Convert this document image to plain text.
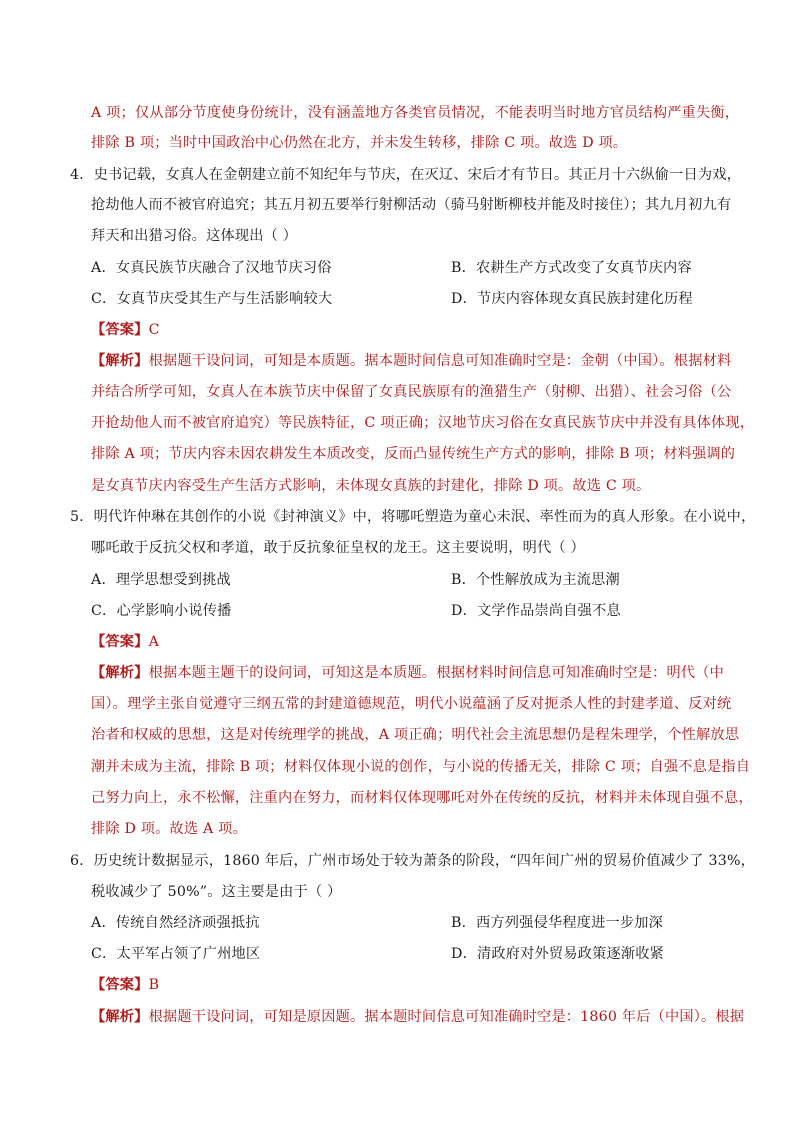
A 项；仅从部分节度使身份统计，没有涵盖地方各类官员情况，不能表明当时地方官员结构严重失衡，
排除 B 项；当时中国政治中心仍然在北方，并未发生转移，排除 C 项。故选 D 项。
4．史书记载，女真人在金朝建立前不知纪年与节庆，在灭辽、宋后才有节日。其正月十六纵偷一日为戏，
抢劫他人而不被官府追究；其五月初五要举行射柳活动（骑马射断柳枝并能及时接住）；其九月初九有
拜天和出猎习俗。这体现出（ ）
A．女真民族节庆融合了汉地节庆习俗	B．农耕生产方式改变了女真节庆内容
C．女真节庆受其生产与生活影响较大	D．节庆内容体现女真民族封建化历程
【答案】C
【解析】根据题干设问词，可知是本质题。据本题时间信息可知准确时空是：金朝（中国）。根据材料
并结合所学可知，女真人在本族节庆中保留了女真民族原有的渔猎生产（射柳、出猎）、社会习俗（公
开抢劫他人而不被官府追究）等民族特征，C 项正确；汉地节庆习俗在女真民族节庆中并没有具体体现，
排除 A 项；节庆内容未因农耕发生本质改变，反而凸显传统生产方式的影响，排除 B 项；材料强调的
是女真节庆内容受生产生活方式影响，未体现女真族的封建化，排除 D 项。故选 C 项。
5．明代许仲琳在其创作的小说《封神演义》中，将哪吒塑造为童心未泯、率性而为的真人形象。在小说中，
哪吒敢于反抗父权和孝道，敢于反抗象征皇权的龙王。这主要说明，明代（ ）
A．理学思想受到挑战	B．个性解放成为主流思潮
C．心学影响小说传播	D．文学作品崇尚自强不息
【答案】A
【解析】根据本题主题干的设问词，可知这是本质题。根据材料时间信息可知准确时空是：明代（中
国）。理学主张自觉遵守三纲五常的封建道德规范，明代小说蕴涵了反对扼杀人性的封建孝道、反对统
治者和权威的思想，这是对传统理学的挑战，A 项正确；明代社会主流思想仍是程朱理学，个性解放思
潮并未成为主流，排除 B 项；材料仅体现小说的创作，与小说的传播无关，排除 C 项；自强不息是指自
己努力向上，永不松懈，注重内在努力，而材料仅体现哪吒对外在传统的反抗，材料并未体现自强不息，
排除 D 项。故选 A 项。
6．历史统计数据显示，1860 年后，广州市场处于较为萧条的阶段，“四年间广州的贸易价值减少了 33%，
税收减少了 50%”。这主要是由于（ ）
A．传统自然经济顽强抵抗	B．西方列强侵华程度进一步加深
C．太平军占领了广州地区	D．清政府对外贸易政策逐渐收紧
【答案】B
【解析】根据题干设问词，可知是原因题。据本题时间信息可知准确时空是：1860 年后（中国）。根据
